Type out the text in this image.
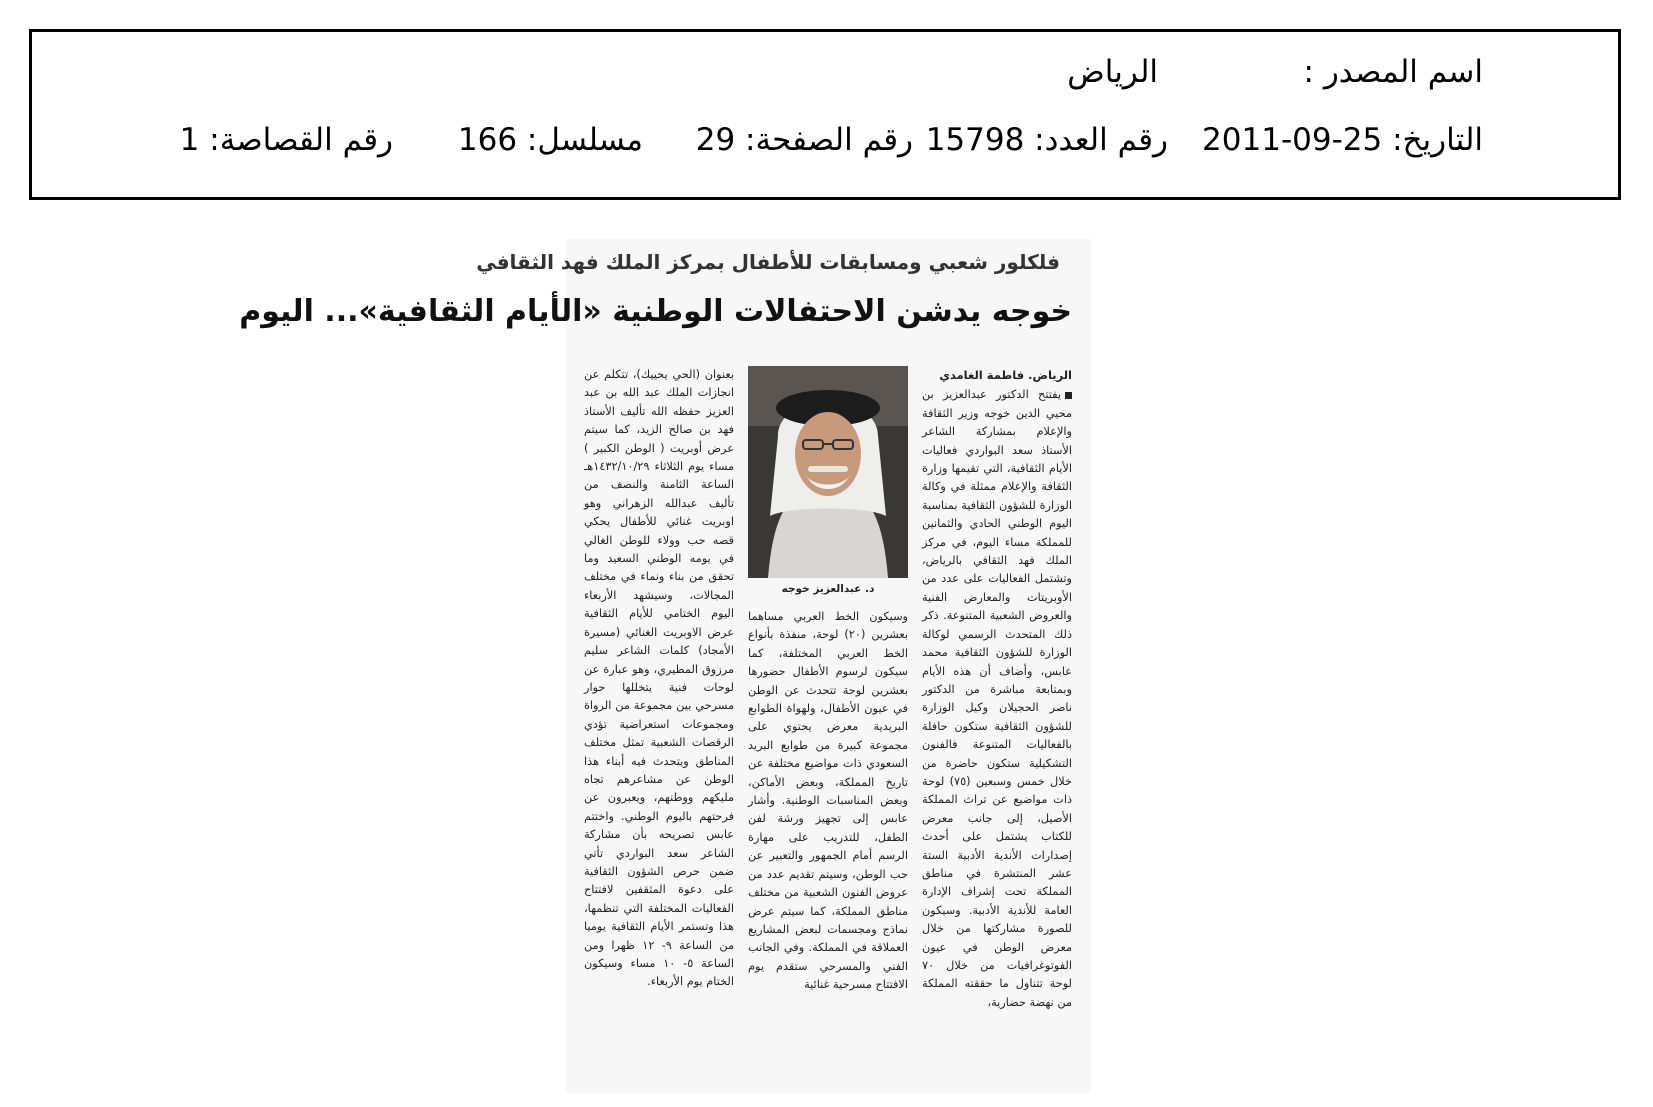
اسم المصدر :
الرياض
التاريخ: 25-09-2011
رقم العدد: 15798
رقم الصفحة: 29
مسلسل: 166
رقم القصاصة: 1
فلكلور شعبي ومسابقات للأطفال بمركز الملك فهد الثقافي
خوجه يدشن الاحتفالات الوطنية «الأيام الثقافية»... اليوم
الرياض. فاطمة الغامدي

يفتتح الدكتور عبدالعزيز بن محيي الدين خوجه وزير الثقافة والإعلام بمشاركة الشاعر الأستاذ سعد البواردي فعاليات الأيام الثقافية، التي تقيمها وزارة الثقافة والإعلام ممثلة في وكالة الوزارة للشؤون الثقافية بمناسبة اليوم الوطني الحادي والثمانين للمملكة مساء اليوم، في مركز الملك فهد الثقافي بالرياض، وتشتمل الفعاليات على عدد من الأوبريتات والمعارض الفنية والعروض الشعبية المتنوعة. ذكر ذلك المتحدث الرسمي لوكالة الوزارة للشؤون الثقافية محمد عابس، وأضاف أن هذه الأيام وبمتابعة مباشرة من الدكتور ناصر الحجيلان وكيل الوزارة للشؤون الثقافية ستكون حافلة بالفعاليات المتنوعة فالفنون التشكيلية ستكون حاضرة من خلال خمس وسبعين (٧٥) لوحة ذات مواضيع عن تراث المملكة الأصيل، إلى جانب معرض للكتاب يشتمل على أحدث إصدارات الأندية الأدبية الستة عشر المنتشرة في مناطق المملكة تحت إشراف الإدارة العامة للأندية الأدبية. وسيكون للصورة مشاركتها من خلال معرض الوطن في عيون الفوتوغرافيات من خلال ٧٠ لوحة تتناول ما حققته المملكة من نهضة حضارية،

د. عبدالعزيز خوجه

وسيكون الخط العربي مساهما بعشرين (٢٠) لوحة، منفذة بأنواع الخط العربي المختلفة، كما سيكون لرسوم الأطفال حضورها بعشرين لوحة تتحدث عن الوطن في عيون الأطفال، ولهواة الطوابع البريدية معرض يحتوي على مجموعة كبيرة من طوابع البريد السعودي ذات مواضيع مختلفة عن تاريخ المملكة، وبعض الأماكن، وبعض المناسبات الوطنية. وأشار عابس إلى تجهيز ورشة لفن الطفل، للتدريب على مهارة الرسم أمام الجمهور والتعبير عن حب الوطن، وسيتم تقديم عدد من عروض الفنون الشعبية من مختلف مناطق المملكة، كما سيتم عرض نماذج ومجسمات لبعض المشاريع العملاقة في المملكة. وفي الجانب الفني والمسرحي ستقدم يوم الافتتاح مسرحية غنائية

بعنوان (الحي يحييك)، تتكلم عن انجازات الملك عبد الله بن عبد العزيز حفظه الله تأليف الأستاذ فهد بن صالح الزيد، كما سيتم عرض أوبريت ( الوطن الكبير ) مساء يوم الثلاثاء ١٤٣٢/١٠/٢٩هـ الساعة الثامنة والنصف من تأليف عبدالله الزهراني وهو اوبريت غنائي للأطفال يحكي قصه حب وولاء للوطن الغالي في يومه الوطني السعيد وما تحقق من بناء ونماء في مختلف المجالات، وسيشهد الأربعاء اليوم الختامي للأيام الثقافية عرض الاوبريت الغنائي (مسيرة الأمجاد) كلمات الشاعر سليم مرزوق المطيري، وهو عبارة عن لوحات فنية يتخللها حوار مسرحي بين مجموعة من الرواة ومجموعات استعراضية تؤدي الرقصات الشعبية تمثل مختلف المناطق ويتحدث فيه أبناء هذا الوطن عن مشاعرهم تجاه مليكهم ووطنهم، ويعبرون عن فرحتهم باليوم الوطني. واختتم عابس تصريحه بأن مشاركة الشاعر سعد البواردي تأتي ضمن حرص الشؤون الثقافية على دعوة المثقفين لافتتاح الفعاليات المختلفة التي تنظمها، هذا وتستمر الأيام الثقافية يوميا من الساعة ٩- ١٢ ظهرا ومن الساعة ٥- ١٠ مساء وسيكون الختام يوم الأربعاء.
